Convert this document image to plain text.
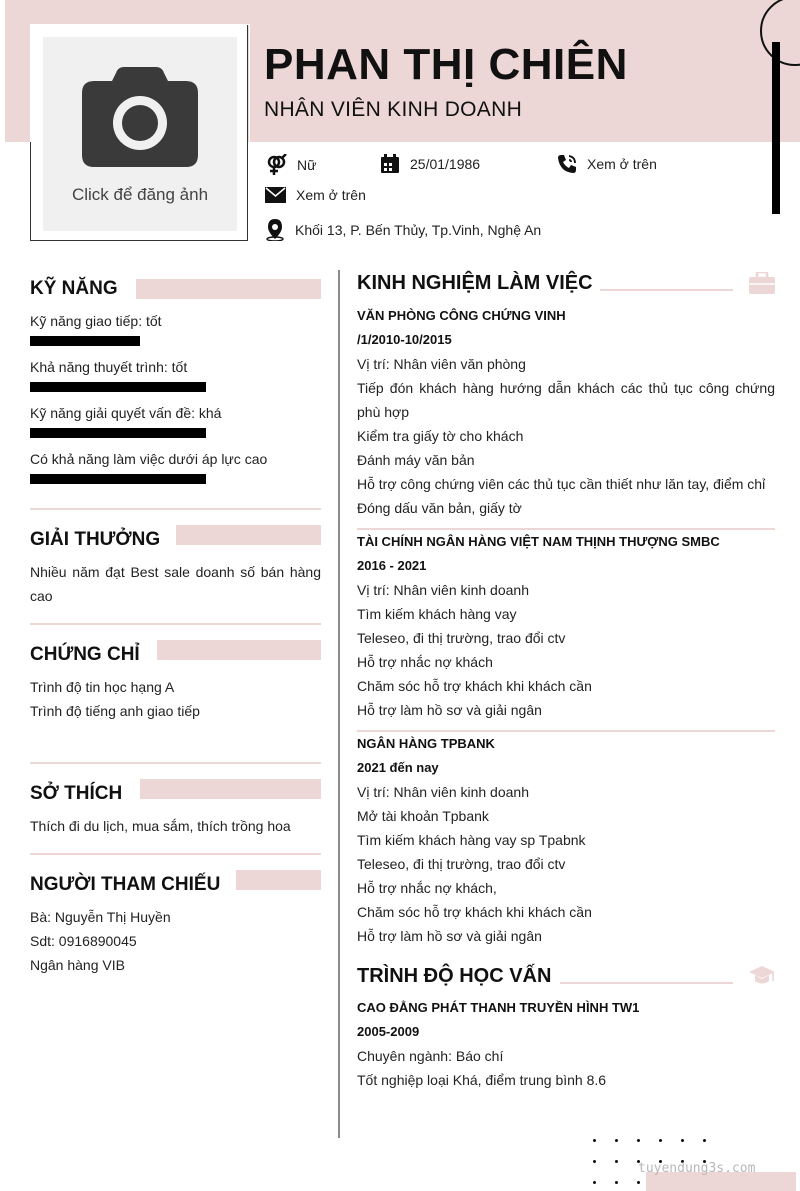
Click để đăng ảnh
PHAN THỊ CHIÊN
NHÂN VIÊN KINH DOANH
Nữ	25/01/1986	Xem ở trên
Xem ở trên
Khối 13, P. Bến Thủy, Tp.Vinh, Nghệ An
KỸ NĂNG
Kỹ năng giao tiếp: tốt
Khả năng thuyết trình: tốt
Kỹ năng giải quyết vấn đề: khá
Có khả năng làm việc dưới áp lực cao
GIẢI THƯỞNG
Nhiều năm đạt Best sale doanh số bán hàng cao
CHỨNG CHỈ
Trình độ tin học hạng A
Trình độ tiếng anh giao tiếp
SỞ THÍCH
Thích đi du lịch, mua sắm, thích trồng hoa
NGƯỜI THAM CHIẾU
Bà: Nguyễn Thị Huyền
Sdt: 0916890045
Ngân hàng VIB
KINH NGHIỆM LÀM VIỆC
VĂN PHÒNG CÔNG CHỨNG VINH
/1/2010-10/2015
Vị trí: Nhân viên văn phòng
Tiếp đón khách hàng hướng dẫn khách các thủ tục công chứng phù hợp
Kiểm tra giấy tờ cho khách
Đánh máy văn bản
Hỗ trợ công chứng viên các thủ tục cần thiết như lăn tay, điểm chỉ
Đóng dấu văn bản, giấy tờ
TÀI CHÍNH NGÂN HÀNG VIỆT NAM THỊNH THƯỢNG SMBC
2016 - 2021
Vị trí: Nhân viên kinh doanh
Tìm kiếm khách hàng vay
Teleseo, đi thị trường, trao đổi ctv
Hỗ trợ nhắc nợ khách
Chăm sóc hỗ trợ khách khi khách cần
Hỗ trợ làm hồ sơ và giải ngân
NGÂN HÀNG TPBANK
2021 đến nay
Vị trí: Nhân viên kinh doanh
Mở tài khoản Tpbank
Tìm kiếm khách hàng vay sp Tpabnk
Teleseo, đi thị trường, trao đổi ctv
Hỗ trợ nhắc nợ khách,
Chăm sóc hỗ trợ khách khi khách cần
Hỗ trợ làm hồ sơ và giải ngân
TRÌNH ĐỘ HỌC VẤN
CAO ĐẲNG PHÁT THANH TRUYỀN HÌNH TW1
2005-2009
Chuyên ngành: Báo chí
Tốt nghiệp loại Khá, điểm trung bình 8.6
tuyendung3s.com
